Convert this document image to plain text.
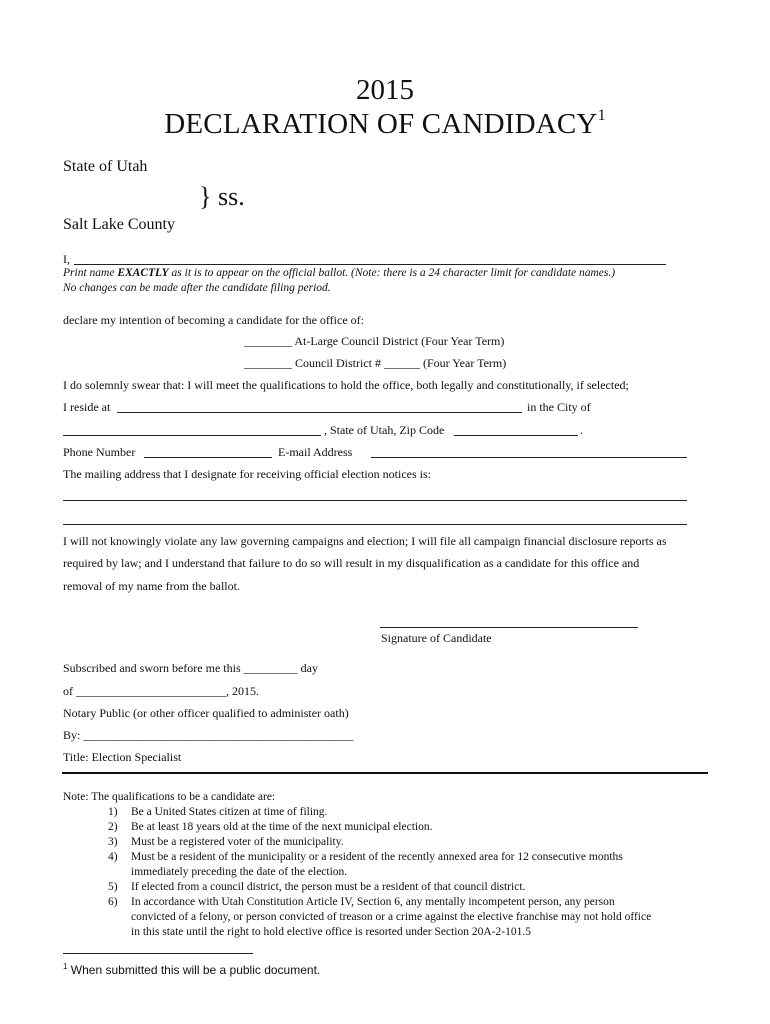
2015
DECLARATION OF CANDIDACY$^1$
State of Utah
} ss.
Salt Lake County
I,
Print name EXACTLY as it is to appear on the official ballot. (Note: there is a 24 character limit for candidate names.)
No changes can be made after the candidate filing period.
declare my intention of becoming a candidate for the office of:
________ At-Large Council District (Four Year Term)
________ Council District # ______ (Four Year Term)
I do solemnly swear that: I will meet the qualifications to hold the office, both legally and constitutionally, if selected;
I reside at	in the City of
, State of Utah, Zip Code	.
Phone Number	E-mail Address
The mailing address that I designate for receiving official election notices is:
I will not knowingly violate any law governing campaigns and election; I will file all campaign financial disclosure reports as
required by law; and I understand that failure to do so will result in my disqualification as a candidate for this office and
removal of my name from the ballot.
Signature of Candidate
Subscribed and sworn before me this _________ day
of _________________________, 2015.
Notary Public (or other officer qualified to administer oath)
By: _____________________________________________
Title: Election Specialist
Note: The qualifications to be a candidate are:
1) Be a United States citizen at time of filing.
2) Be at least 18 years old at the time of the next municipal election.
3) Must be a registered voter of the municipality.
4) Must be a resident of the municipality or a resident of the recently annexed area for 12 consecutive months
immediately preceding the date of the election.
5) If elected from a council district, the person must be a resident of that council district.
6) In accordance with Utah Constitution Article IV, Section 6, any mentally incompetent person, any person
convicted of a felony, or person convicted of treason or a crime against the elective franchise may not hold office
in this state until the right to hold elective office is resorted under Section 20A-2-101.5
$^1$ When submitted this will be a public document.
